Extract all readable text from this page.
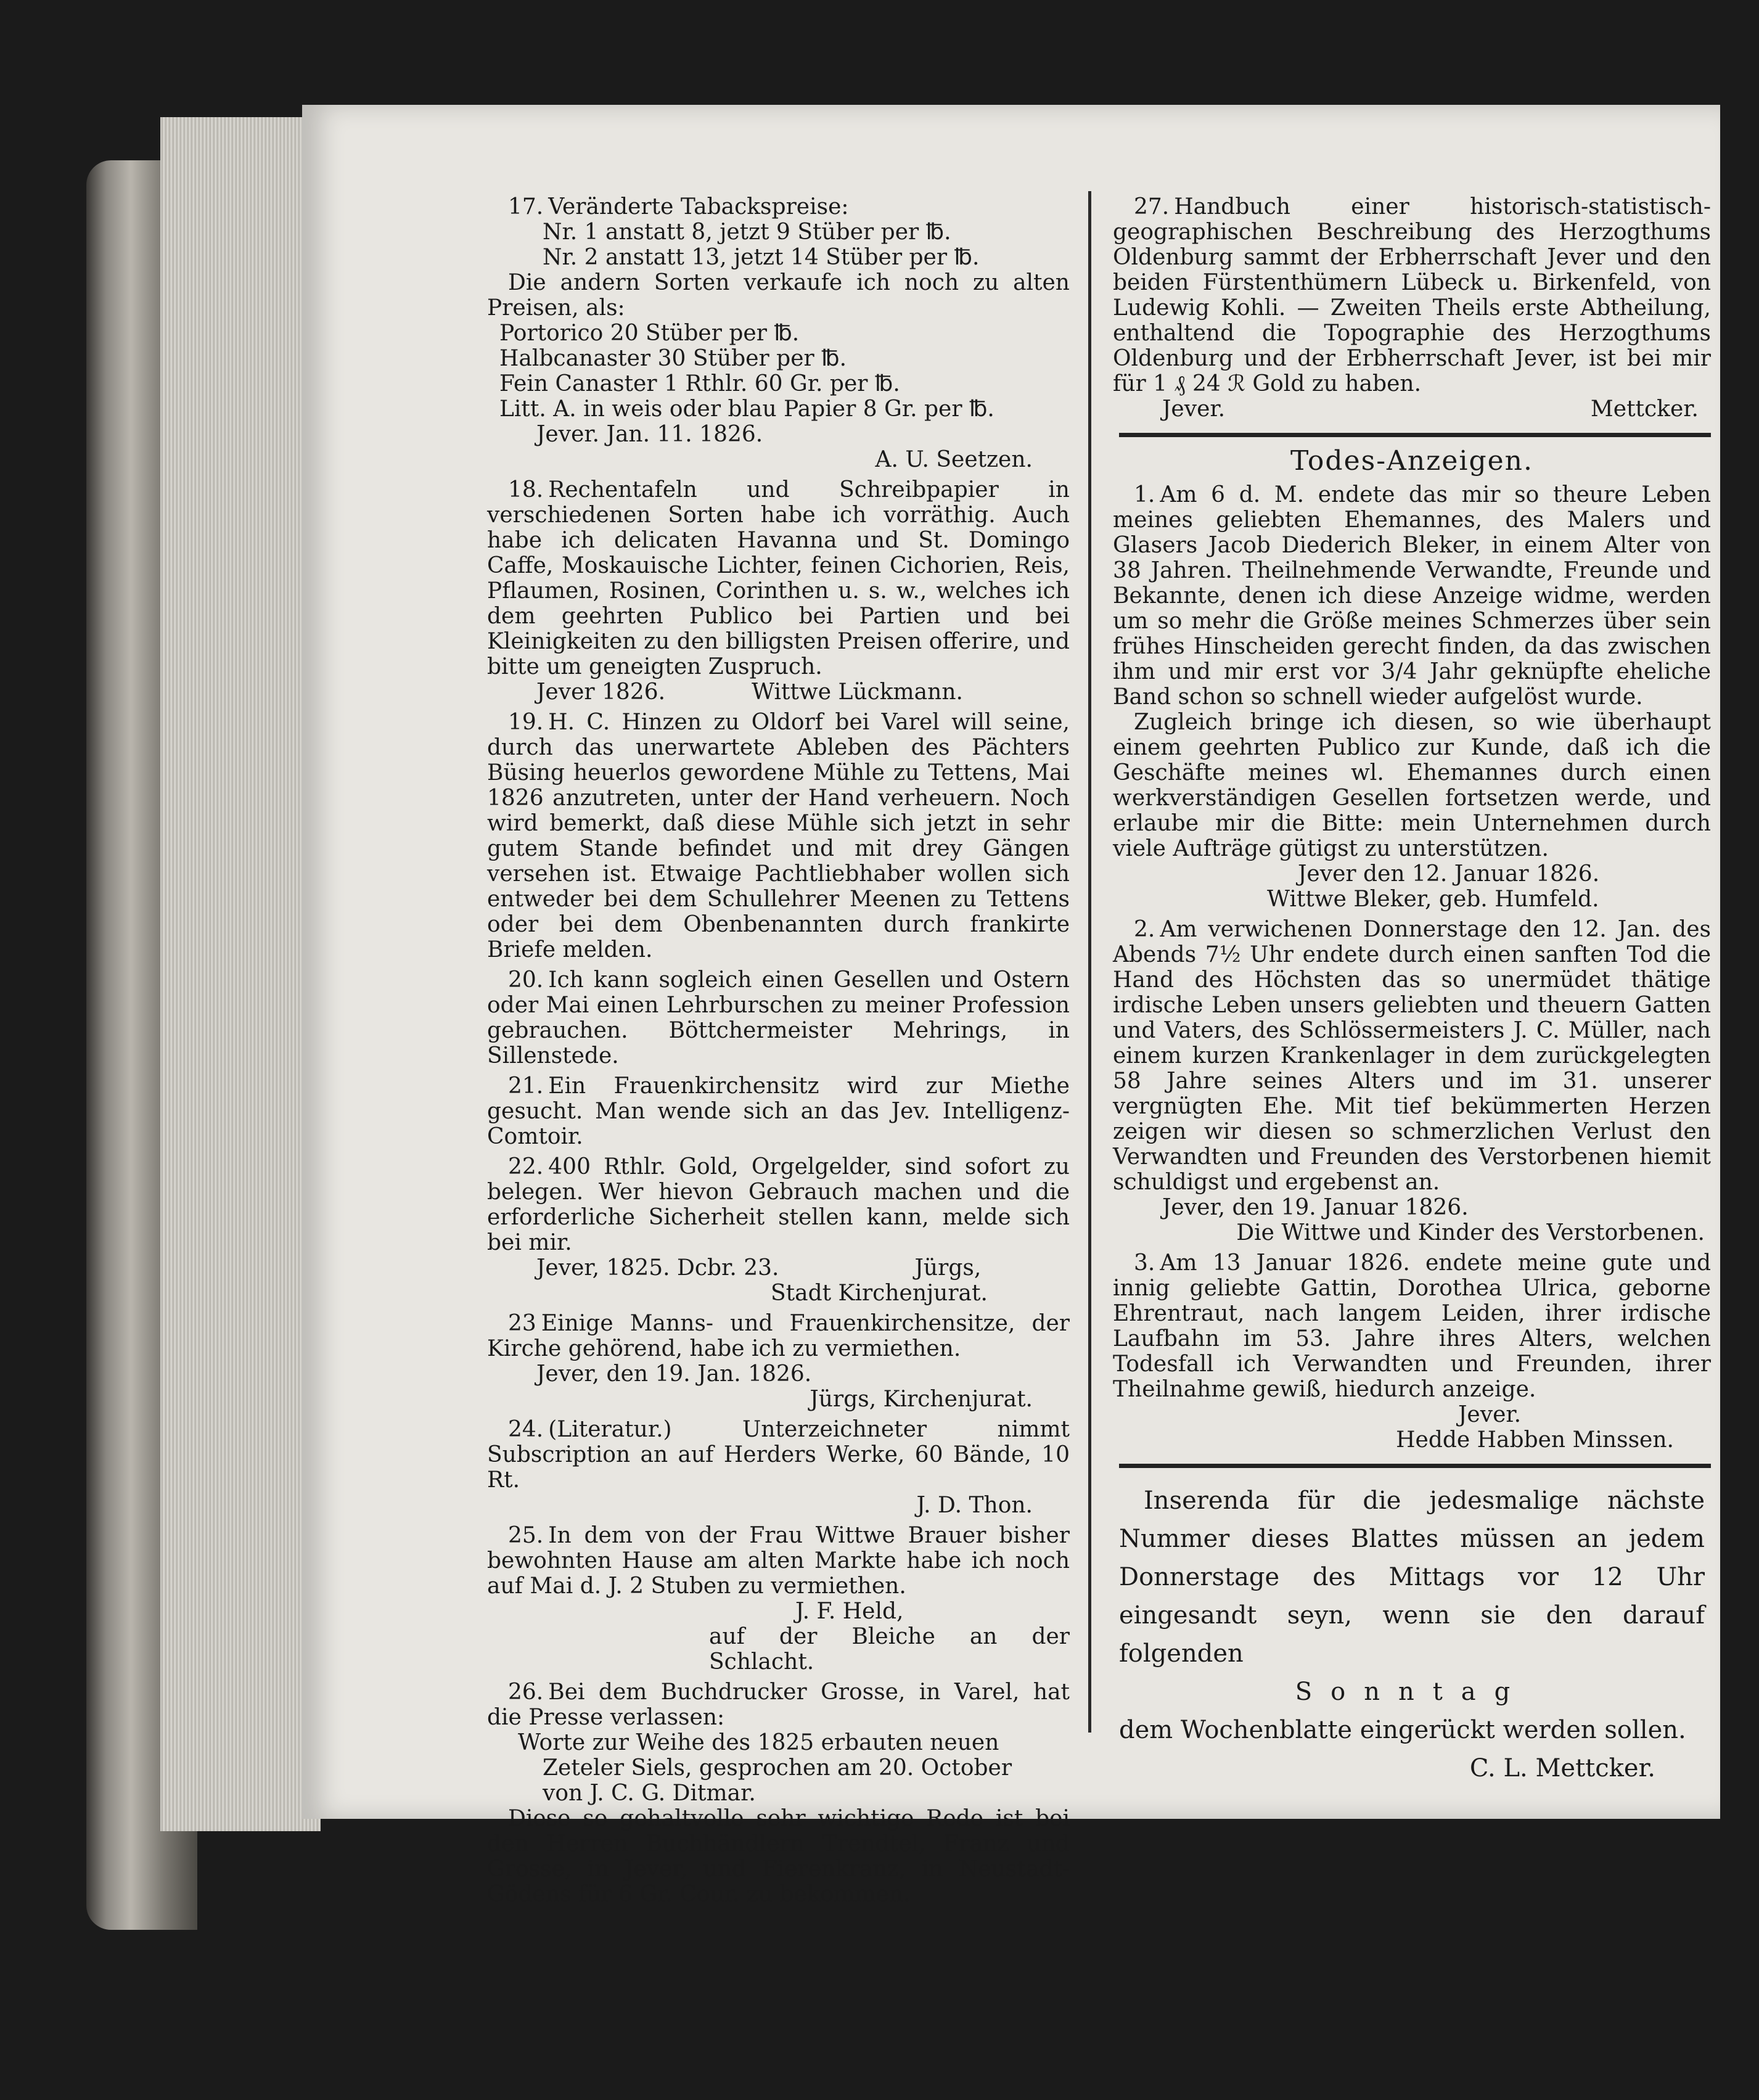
17. Veränderte Tabackspreise:
Nr. 1 anstatt 8, jetzt 9 Stüber per ℔.
Nr. 2 anstatt 13, jetzt 14 Stüber per ℔.
Die andern Sorten verkaufe ich noch zu alten Preisen, als:
Portorico 20 Stüber per ℔.
Halbcanaster 30 Stüber per ℔.
Fein Canaster 1 Rthlr. 60 Gr. per ℔.
Litt. A. in weis oder blau Papier 8 Gr. per ℔.
Jever. Jan. 11. 1826.
A. U. Seetzen.
18. Rechentafeln und Schreibpapier in verschiedenen Sorten habe ich vorräthig. Auch habe ich delicaten Havanna und St. Domingo Caffe, Moskauische Lichter, feinen Cichorien, Reis, Pflaumen, Rosinen, Corinthen u. s. w., welches ich dem geehrten Publico bei Partien und bei Kleinigkeiten zu den billigsten Preisen offerire, und bitte um geneigten Zuspruch.
Jever 1826.	Wittwe Lückmann.
19. H. C. Hinzen zu Oldorf bei Varel will seine, durch das unerwartete Ableben des Pächters Büsing heuerlos gewordene Mühle zu Tettens, Mai 1826 anzutreten, unter der Hand verheuern. Noch wird bemerkt, daß diese Mühle sich jetzt in sehr gutem Stande befindet und mit drey Gängen versehen ist. Etwaige Pachtliebhaber wollen sich entweder bei dem Schullehrer Meenen zu Tettens oder bei dem Obenbenannten durch frankirte Briefe melden.
20. Ich kann sogleich einen Gesellen und Ostern oder Mai einen Lehrburschen zu meiner Profession gebrauchen. Böttchermeister Mehrings, in Sillenstede.
21. Ein Frauenkirchensitz wird zur Miethe gesucht. Man wende sich an das Jev. Intelligenz-Comtoir.
22. 400 Rthlr. Gold, Orgelgelder, sind sofort zu belegen. Wer hievon Gebrauch machen und die erforderliche Sicherheit stellen kann, melde sich bei mir.
Jever, 1825. Dcbr. 23.	Jürgs,
Stadt Kirchenjurat.
23 Einige Manns- und Frauenkirchensitze, der Kirche gehörend, habe ich zu vermiethen.
Jever, den 19. Jan. 1826.
Jürgs, Kirchenjurat.
24. (Literatur.) Unterzeichneter nimmt Subscription an auf Herders Werke, 60 Bände, 10 Rt.
J. D. Thon.
25. In dem von der Frau Wittwe Brauer bisher bewohnten Hause am alten Markte habe ich noch auf Mai d. J. 2 Stuben zu vermiethen.
J. F. Held,
auf der Bleiche an der Schlacht.
26. Bei dem Buchdrucker Grosse, in Varel, hat die Presse verlassen:
Worte zur Weihe des 1825 erbauten neuen
Zeteler Siels, gesprochen am 20. October
von J. C. G. Ditmar.
Diese so gehaltvolle sehr wichtige Rede ist bei den Herren Buchhändlern Trendtel, Franz und Grosse, in Jever, und Fierenkranz, in Neustadt-Gödens für 6 Gr. Cour. zu bekommen.
27. Handbuch einer historisch-statistisch-geographischen Beschreibung des Herzogthums Oldenburg sammt der Erbherrschaft Jever und den beiden Fürstenthümern Lübeck u. Birkenfeld, von Ludewig Kohli. — Zweiten Theils erste Abtheilung, enthaltend die Topographie des Herzogthums Oldenburg und der Erbherrschaft Jever, ist bei mir für 1 ₰ 24 ℛ Gold zu haben.
Jever.	Mettcker.
Todes-Anzeigen.
1. Am 6 d. M. endete das mir so theure Leben meines geliebten Ehemannes, des Malers und Glasers Jacob Diederich Bleker, in einem Alter von 38 Jahren. Theilnehmende Verwandte, Freunde und Bekannte, denen ich diese Anzeige widme, werden um so mehr die Größe meines Schmerzes über sein frühes Hinscheiden gerecht finden, da das zwischen ihm und mir erst vor 3/4 Jahr geknüpfte eheliche Band schon so schnell wieder aufgelöst wurde.
Zugleich bringe ich diesen, so wie überhaupt einem geehrten Publico zur Kunde, daß ich die Geschäfte meines wl. Ehemannes durch einen werkverständigen Gesellen fortsetzen werde, und erlaube mir die Bitte: mein Unternehmen durch viele Aufträge gütigst zu unterstützen.
Jever den 12. Januar 1826.
Wittwe Bleker, geb. Humfeld.
2. Am verwichenen Donnerstage den 12. Jan. des Abends 7½ Uhr endete durch einen sanften Tod die Hand des Höchsten das so unermüdet thätige irdische Leben unsers geliebten und theuern Gatten und Vaters, des Schlössermeisters J. C. Müller, nach einem kurzen Krankenlager in dem zurückgelegten 58 Jahre seines Alters und im 31. unserer vergnügten Ehe. Mit tief bekümmerten Herzen zeigen wir diesen so schmerzlichen Verlust den Verwandten und Freunden des Verstorbenen hiemit schuldigst und ergebenst an.
Jever, den 19. Januar 1826.
Die Wittwe und Kinder des Verstorbenen.
3. Am 13 Januar 1826. endete meine gute und innig geliebte Gattin, Dorothea Ulrica, geborne Ehrentraut, nach langem Leiden, ihrer irdische Laufbahn im 53. Jahre ihres Alters, welchen Todesfall ich Verwandten und Freunden, ihrer Theilnahme gewiß, hiedurch anzeige.
Jever.
Hedde Habben Minssen.
Inserenda für die jedesmalige nächste Nummer dieses Blattes müssen an jedem Donnerstage des Mittags vor 12 Uhr eingesandt seyn, wenn sie den darauf folgenden
Sonntag
dem Wochenblatte eingerückt werden sollen.
C. L. Mettcker.
